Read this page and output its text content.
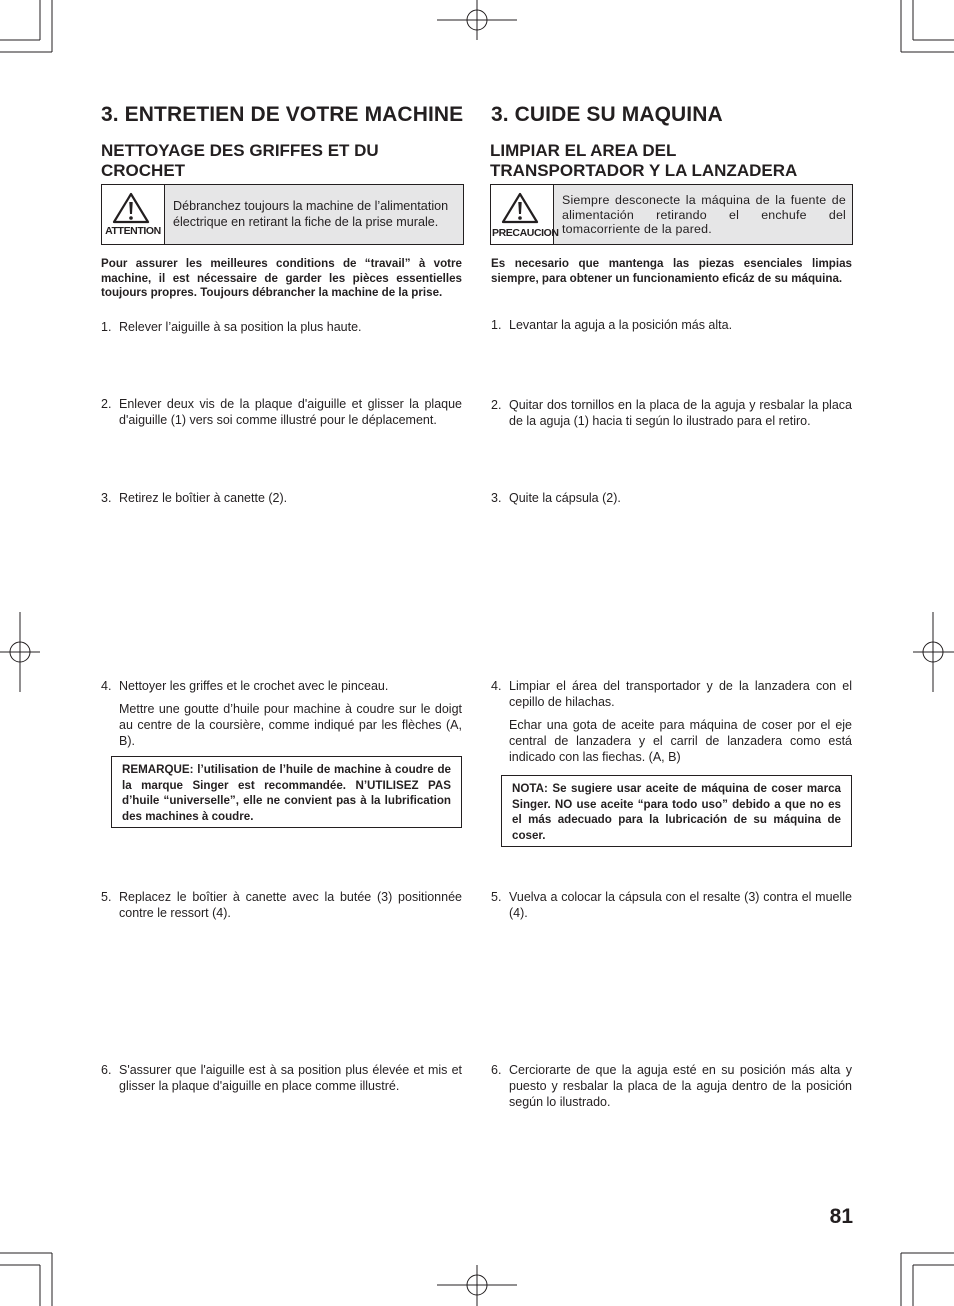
3. ENTRETIEN DE VOTRE MACHINE
NETTOYAGE DES GRIFFES ET DU
CROCHET
ATTENTION
Débranchez toujours la machine de l’alimentation électrique en retirant la fiche de la prise murale.
Pour assurer les meilleures conditions de “travail” à votre machine, il est nécessaire de garder les pièces essentielles toujours propres. Toujours débrancher la machine de la prise.
1. Relever l’aiguille à sa position la plus haute.
2. Enlever deux vis de la plaque d'aiguille et glisser la plaque d'aiguille (1) vers soi comme illustré pour le déplacement.
3. Retirez le boîtier à canette (2).
4. Nettoyer les griffes et le crochet avec le pinceau.
Mettre une goutte d’huile pour machine à coudre sur le doigt au centre de la coursière, comme indiqué par les flèches (A, B).
REMARQUE: l’utilisation de l’huile de machine à coudre de la marque Singer est recommandée. N’UTILISEZ PAS d’huile “universelle”, elle ne convient pas à la lubrification des machines à coudre.
5. Replacez le boîtier à canette avec la butée (3) positionnée contre le ressort (4).
6. S'assurer que l'aiguille est à sa position plus élevée et mis et glisser la plaque d'aiguille en place comme illustré.
3. CUIDE SU MAQUINA
LIMPIAR EL AREA DEL
TRANSPORTADOR Y LA LANZADERA
PRECAUCION
Siempre desconecte la máquina de la fuente de alimentación retirando el enchufe del tomacorriente de la pared.
Es necesario que mantenga las piezas esenciales limpias siempre, para obtener un funcionamiento eficáz de su máquina.
1. Levantar la aguja a la posición más alta.
2. Quitar dos tornillos en la placa de la aguja y resbalar la placa de la aguja (1) hacia ti según lo ilustrado para el retiro.
3. Quite la cápsula (2).
4. Limpiar el área del transportador y de la lanzadera con el cepillo de hilachas.
Echar una gota de aceite para máquina de coser por el eje central de lanzadera y el carril de lanzadera como está indicado con las fiechas. (A, B)
NOTA: Se sugiere usar aceite de máquina de coser marca Singer. NO use aceite “para todo uso” debido a que no es el más adecuado para la lubricación de su máquina de coser.
5. Vuelva a colocar la cápsula con el resalte (3) contra el muelle (4).
6. Cerciorarte de que la aguja esté en su posición más alta y puesto y resbalar la placa de la aguja dentro de la posición según lo ilustrado.
81
